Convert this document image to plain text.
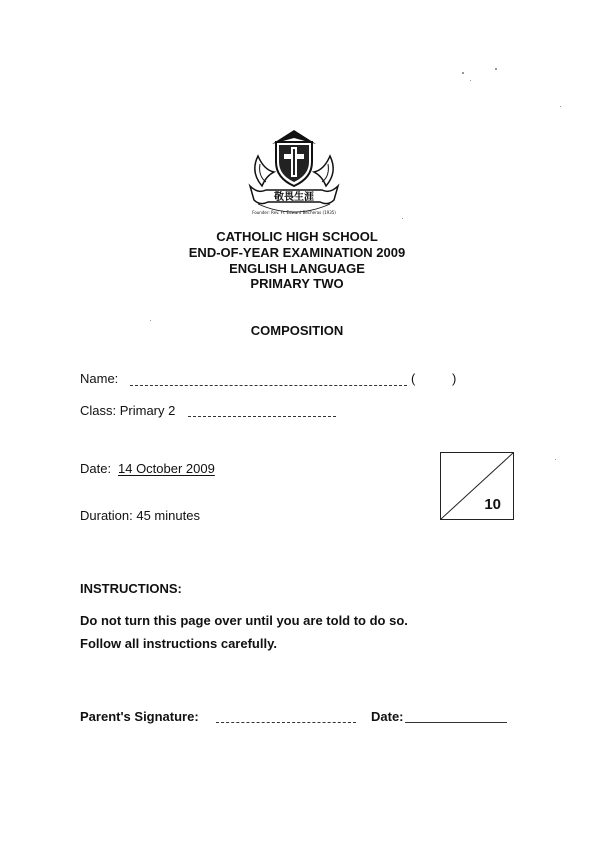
敬畏生涯
Founder: Rev. Fr. Edward Becheras (1935)
CATHOLIC HIGH SCHOOL
END-OF-YEAR EXAMINATION 2009
ENGLISH LANGUAGE
PRIMARY TWO
COMPOSITION
Name:	(	)
Class: Primary 2
Date: 14 October 2009
Duration: 45 minutes
10
INSTRUCTIONS:
Do not turn this page over until you are told to do so.
Follow all instructions carefully.
Parent's Signature:	Date:
